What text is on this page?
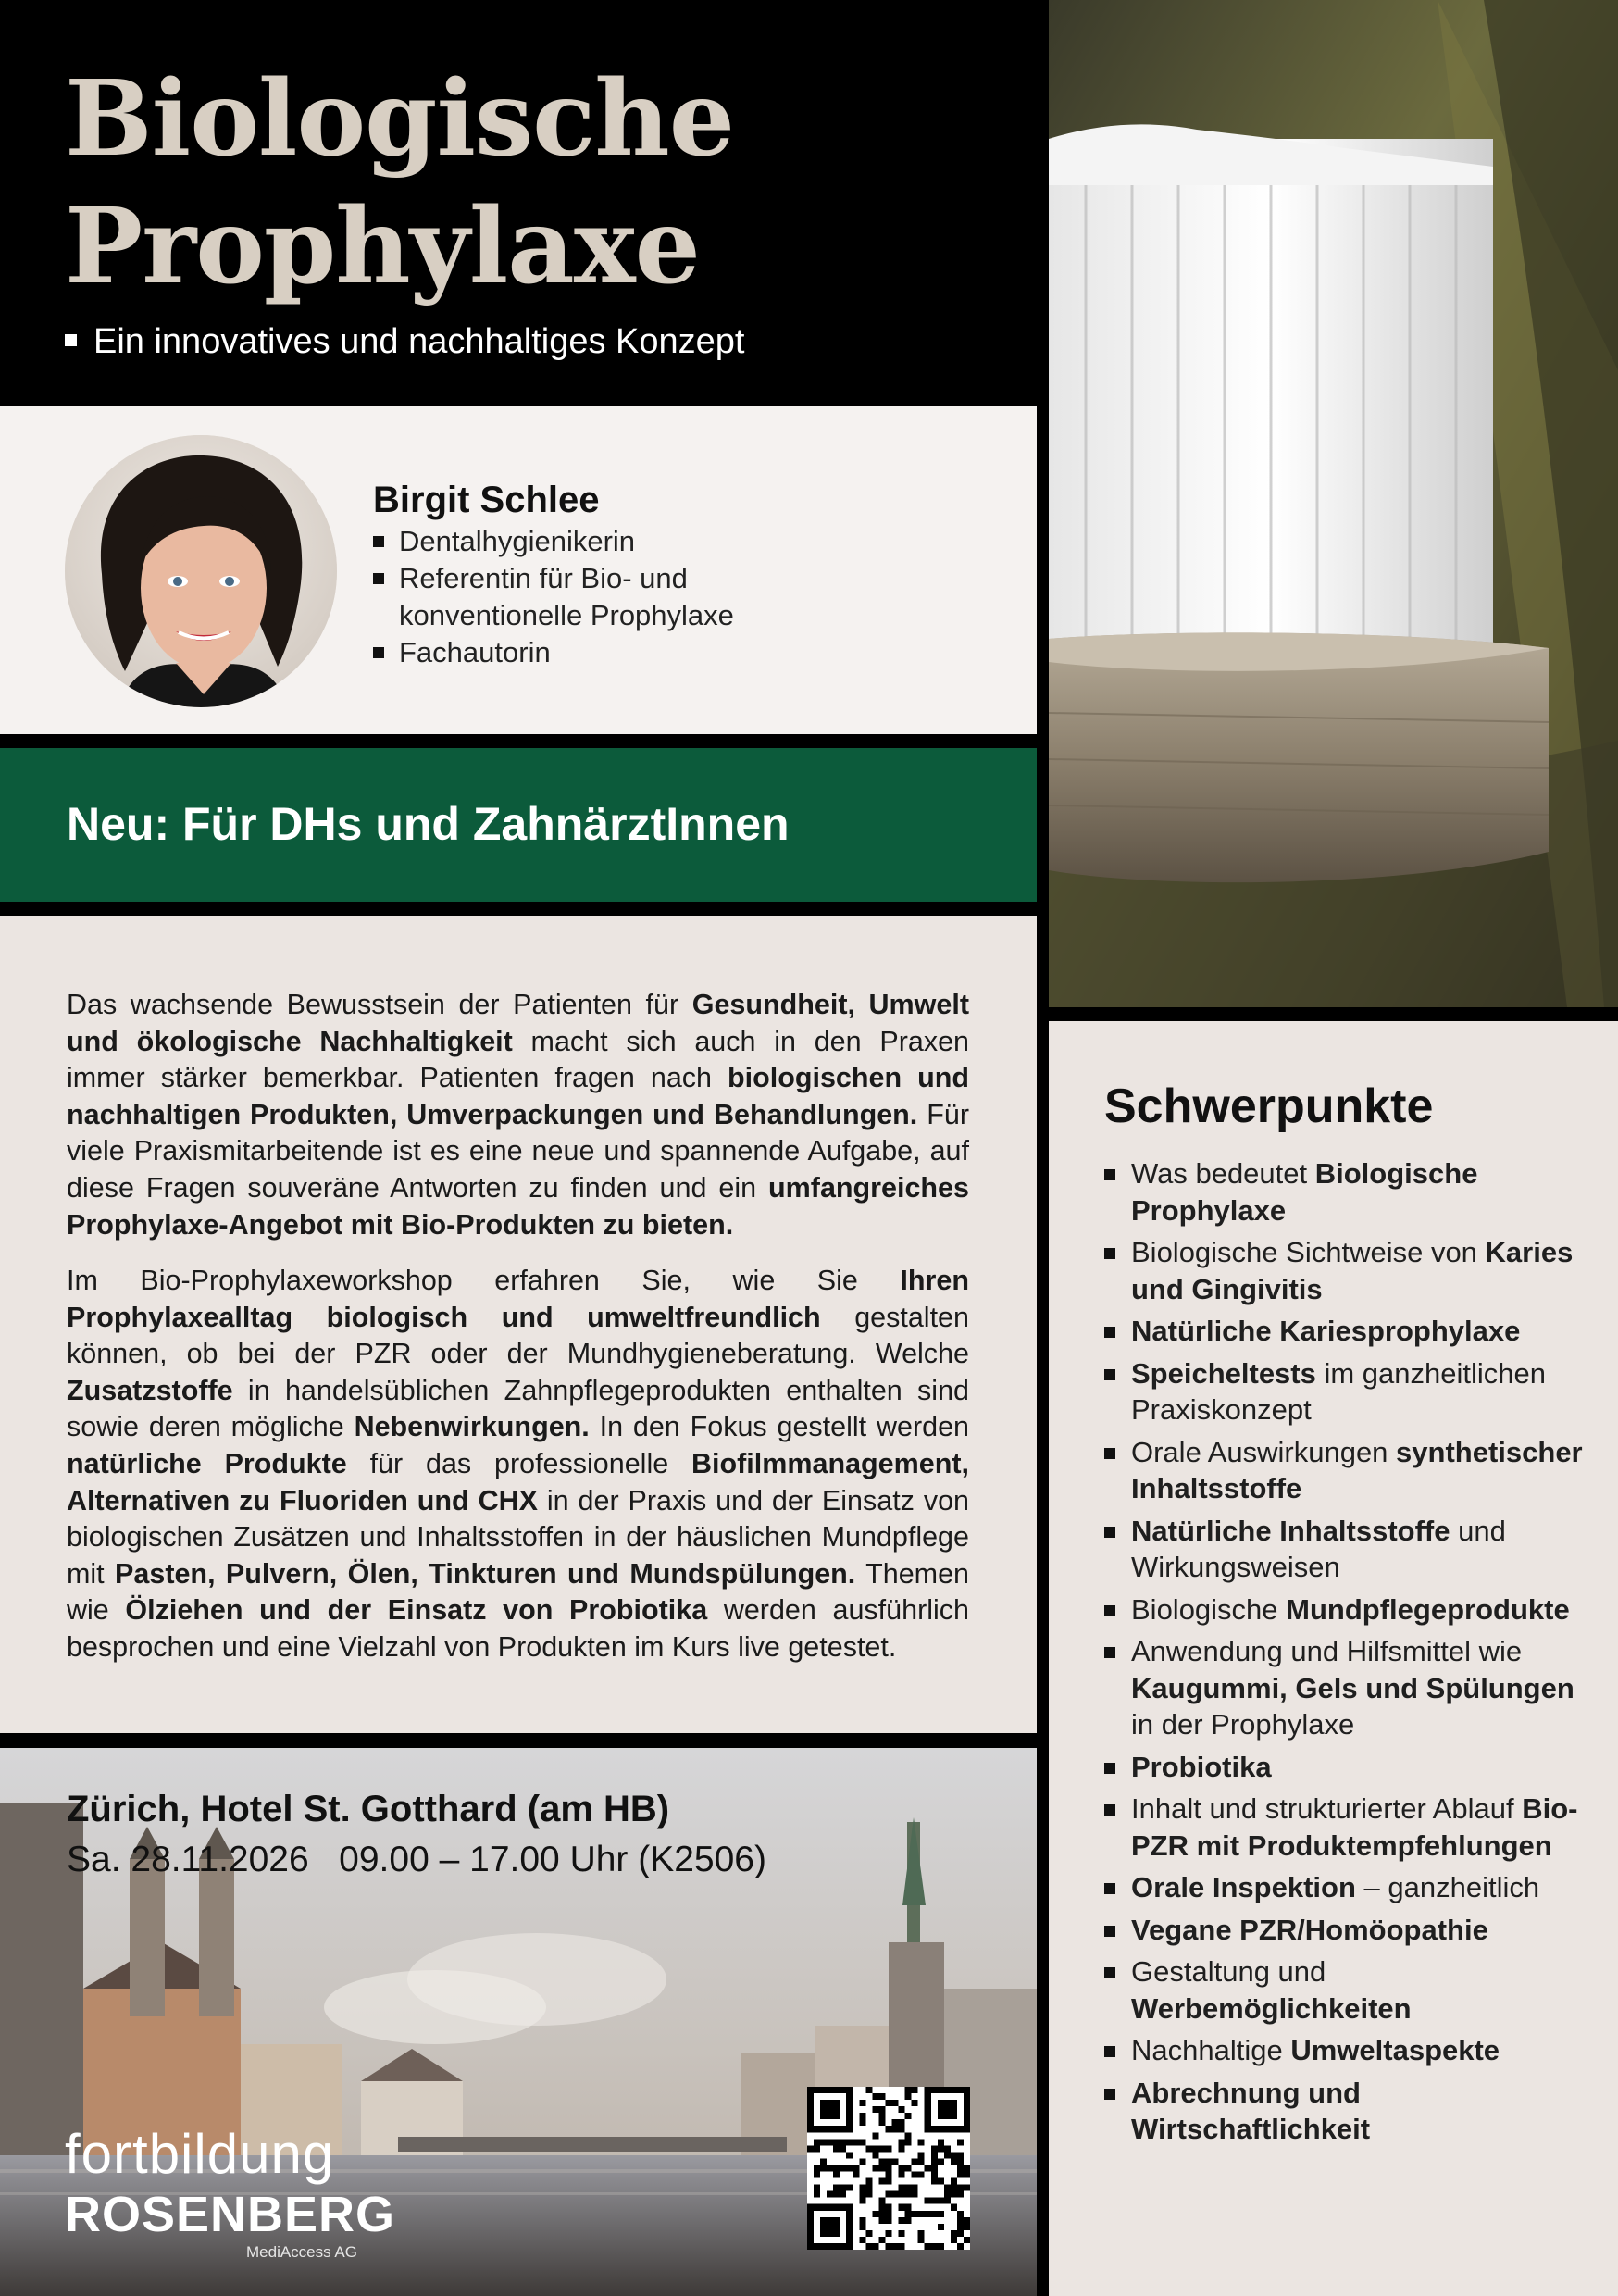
Biologische
Prophylaxe
Ein innovatives und nachhaltiges Konzept
Birgit Schlee
Dentalhygienikerin
Referentin für Bio- und konventionelle Prophylaxe
Fachautorin
Neu: Für DHs und ZahnärztInnen

Das wachsende Bewusstsein der Patienten für Gesundheit, Umwelt und ökologische Nachhaltigkeit macht sich auch in den Praxen immer stärker bemerkbar. Patienten fragen nach biologischen und nachhaltigen Produkten, Umverpackungen und Behandlungen. Für viele Praxismitarbeitende ist es eine neue und spannende Aufgabe, auf diese Fragen souveräne Antworten zu finden und ein umfangreiches Prophylaxe-Angebot mit Bio-Produkten zu bieten.

Im Bio-Prophylaxeworkshop erfahren Sie, wie Sie Ihren Prophylaxealltag biologisch und umweltfreundlich gestalten können, ob bei der PZR oder der Mundhygieneberatung. Welche Zusatzstoffe in handelsüblichen Zahnpflegeprodukten enthalten sind sowie deren mögliche Nebenwirkungen. In den Fokus gestellt werden natürliche Produkte für das professionelle Biofilmmanagement, Alternativen zu Fluoriden und CHX in der Praxis und der Einsatz von biologischen Zusätzen und Inhaltsstoffen in der häuslichen Mundpflege mit Pasten, Pulvern, Ölen, Tinkturen und Mundspülungen. Themen wie Ölziehen und der Einsatz von Probiotika werden ausführlich besprochen und eine Vielzahl von Produkten im Kurs live getestet.

Zürich, Hotel St. Gotthard (am HB)

Sa. 28.11.2026   09.00 – 17.00 Uhr (K2506)

fortbildung
ROSENBERG
MediAccess AG
Schwerpunkte
Was bedeutet Biologische Prophylaxe
Biologische Sichtweise von Karies und Gingivitis
Natürliche Kariesprophylaxe
Speicheltests im ganzheitlichen Praxiskonzept
Orale Auswirkungen synthetischer Inhaltsstoffe
Natürliche Inhaltsstoffe und Wirkungsweisen
Biologische Mundpflegeprodukte
Anwendung und Hilfsmittel wie Kaugummi, Gels und Spülungen in der Prophylaxe
Probiotika
Inhalt und strukturierter Ablauf Bio-PZR mit Produktempfehlungen
Orale Inspektion – ganzheitlich
Vegane PZR/Homöopathie
Gestaltung und Werbemöglichkeiten
Nachhaltige Umweltaspekte
Abrechnung und Wirtschaftlichkeit
